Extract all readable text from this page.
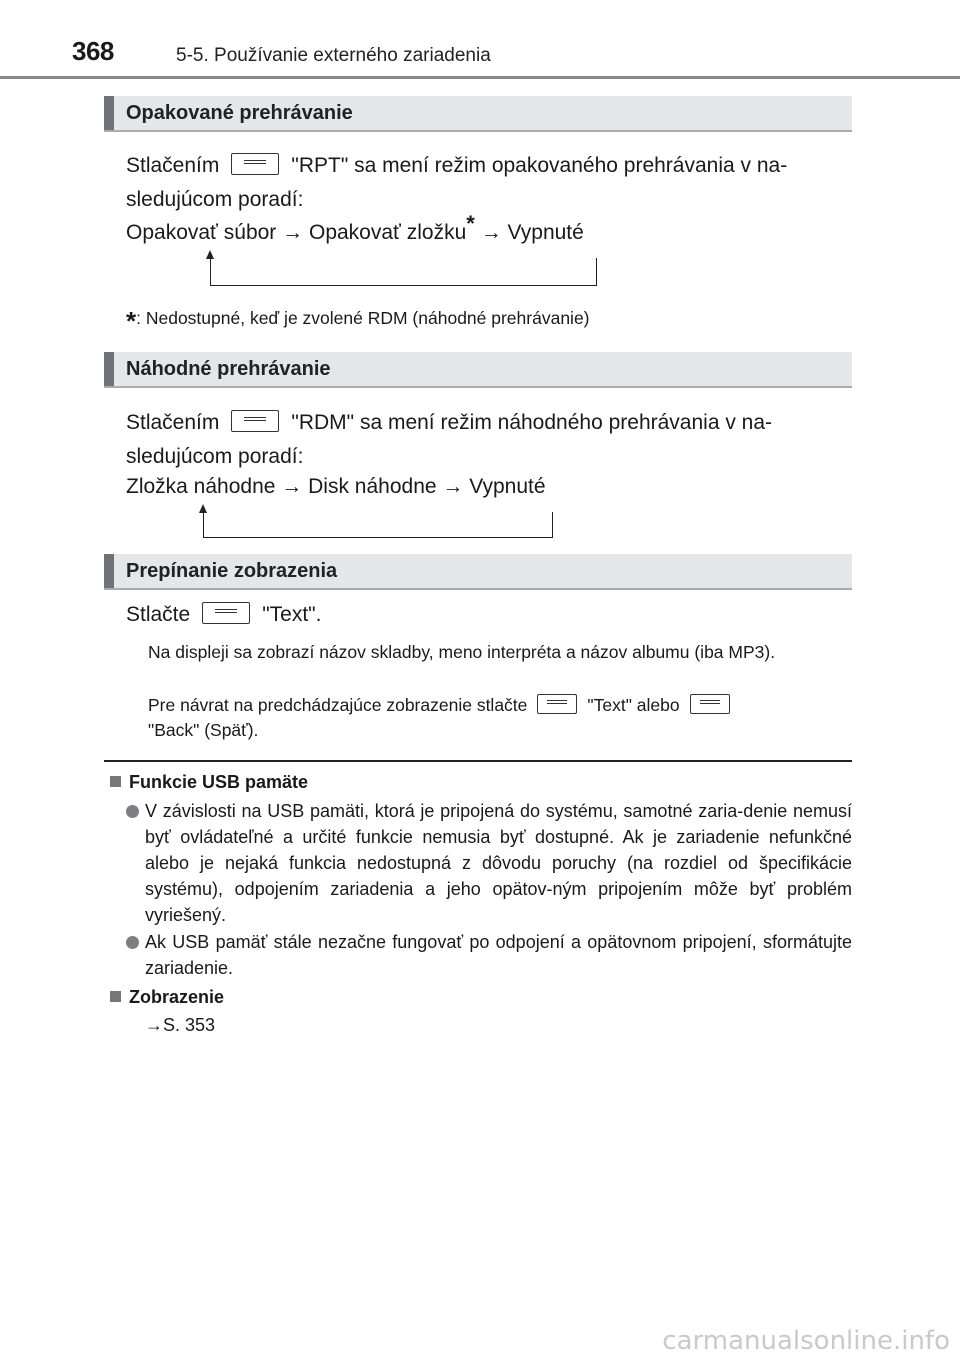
368	5-5. Používanie externého zariadenia
Opakované prehrávanie
Stlačením	"RPT" sa mení režim opakovaného prehrávania v na-
sledujúcom poradí:
Opakovať súbor → Opakovať zložku* → Vypnuté
*: Nedostupné, keď je zvolené RDM (náhodné prehrávanie)
Náhodné prehrávanie
Stlačením	"RDM" sa mení režim náhodného prehrávania v na-
sledujúcom poradí:
Zložka náhodne → Disk náhodne → Vypnuté
Prepínanie zobrazenia
Stlačte	"Text".
Na displeji sa zobrazí názov skladby, meno interpréta a názov albumu (iba MP3).
Pre návrat na predchádzajúce zobrazenie stlačte	"Text" alebo
"Back" (Späť).
Funkcie USB pamäte
V závislosti na USB pamäti, ktorá je pripojená do systému, samotné zaria-denie nemusí byť ovládateľné a určité funkcie nemusia byť dostupné. Ak je zariadenie nefunkčné alebo je nejaká funkcia nedostupná z dôvodu poruchy (na rozdiel od špecifikácie systému), odpojením zariadenia a jeho opätov-ným pripojením môže byť problém vyriešený.
Ak USB pamäť stále nezačne fungovať po odpojení a opätovnom pripojení, sformátujte zariadenie.
Zobrazenie
→S. 353
carmanualsonline.info
